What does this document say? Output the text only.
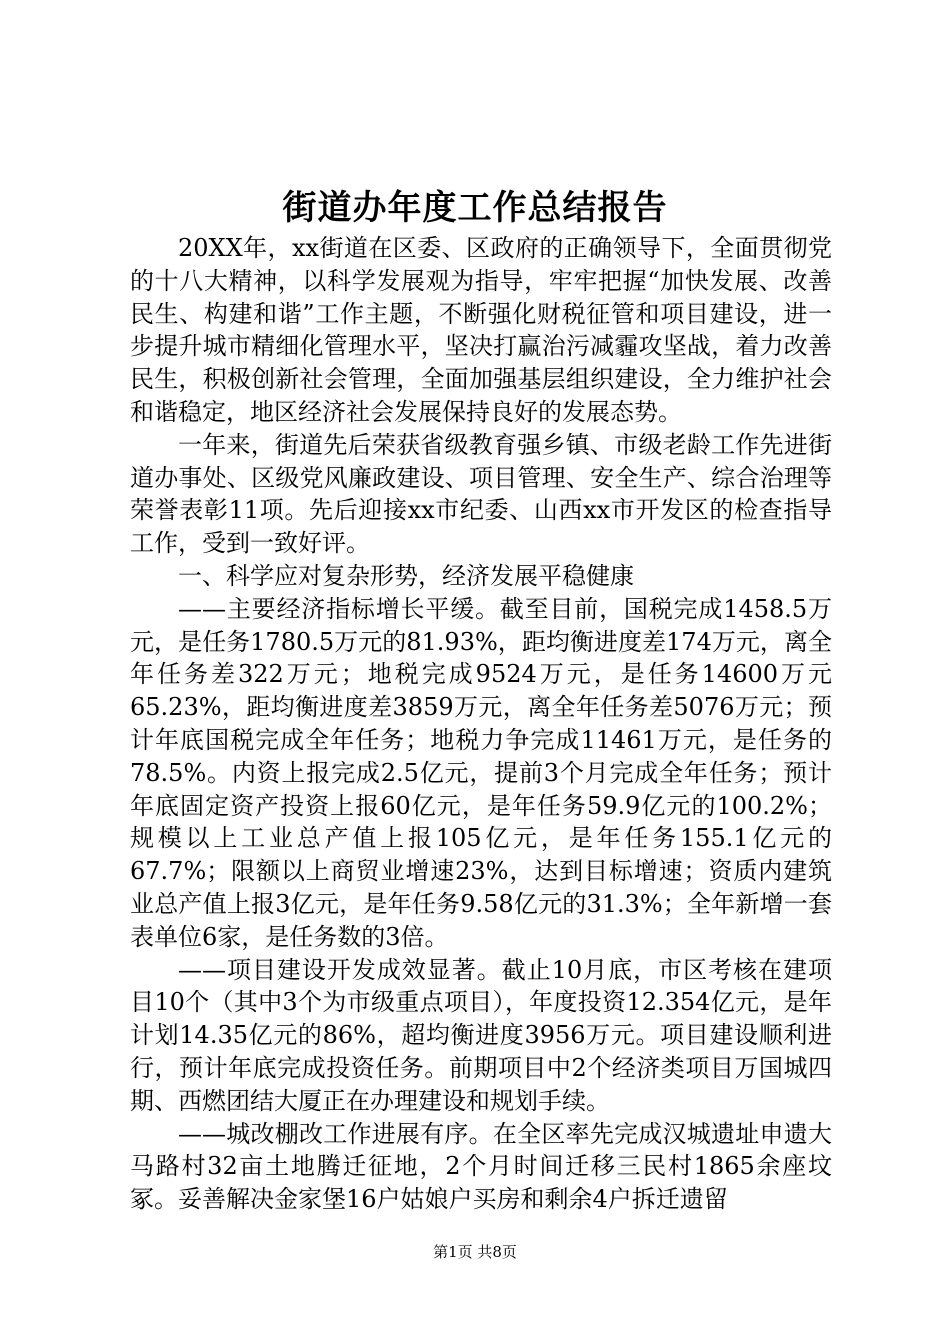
街道办年度工作总结报告

20XX年，xx街道在区委、区政府的正确领导下，全面贯彻党的十八大精神，以科学发展观为指导，牢牢把握“加快发展、改善民生、构建和谐”工作主题，不断强化财税征管和项目建设，进一步提升城市精细化管理水平，坚决打赢治污减霾攻坚战，着力改善民生，积极创新社会管理，全面加强基层组织建设，全力维护社会和谐稳定，地区经济社会发展保持良好的发展态势。

一年来，街道先后荣获省级教育强乡镇、市级老龄工作先进街道办事处、区级党风廉政建设、项目管理、安全生产、综合治理等荣誉表彰11项。先后迎接xx市纪委、山西xx市开发区的检查指导工作，受到一致好评。

一、科学应对复杂形势，经济发展平稳健康

——主要经济指标增长平缓。截至目前，国税完成1458.5万元，是任务1780.5万元的81.93%，距均衡进度差174万元，离全年任务差322万元；地税完成9524万元，是任务14600万元65.23%，距均衡进度差3859万元，离全年任务差5076万元；预计年底国税完成全年任务；地税力争完成11461万元，是任务的78.5%。内资上报完成2.5亿元，提前3个月完成全年任务；预计年底固定资产投资上报60亿元，是年任务59.9亿元的100.2%；规模以上工业总产值上报105亿元，是年任务155.1亿元的67.7%；限额以上商贸业增速23%，达到目标增速；资质内建筑业总产值上报3亿元，是年任务9.58亿元的31.3%；全年新增一套表单位6家，是任务数的3倍。

——项目建设开发成效显著。截止10月底，市区考核在建项目10个（其中3个为市级重点项目），年度投资12.354亿元，是年计划14.35亿元的86%，超均衡进度3956万元。项目建设顺利进行，预计年底完成投资任务。前期项目中2个经济类项目万国城四期、西燃团结大厦正在办理建设和规划手续。

——城改棚改工作进展有序。在全区率先完成汉城遗址申遗大马路村32亩土地腾迁征地，2个月时间迁移三民村1865余座坟冢。妥善解决金家堡16户姑娘户买房和剩余4户拆迁遗留

第1页 共8页
